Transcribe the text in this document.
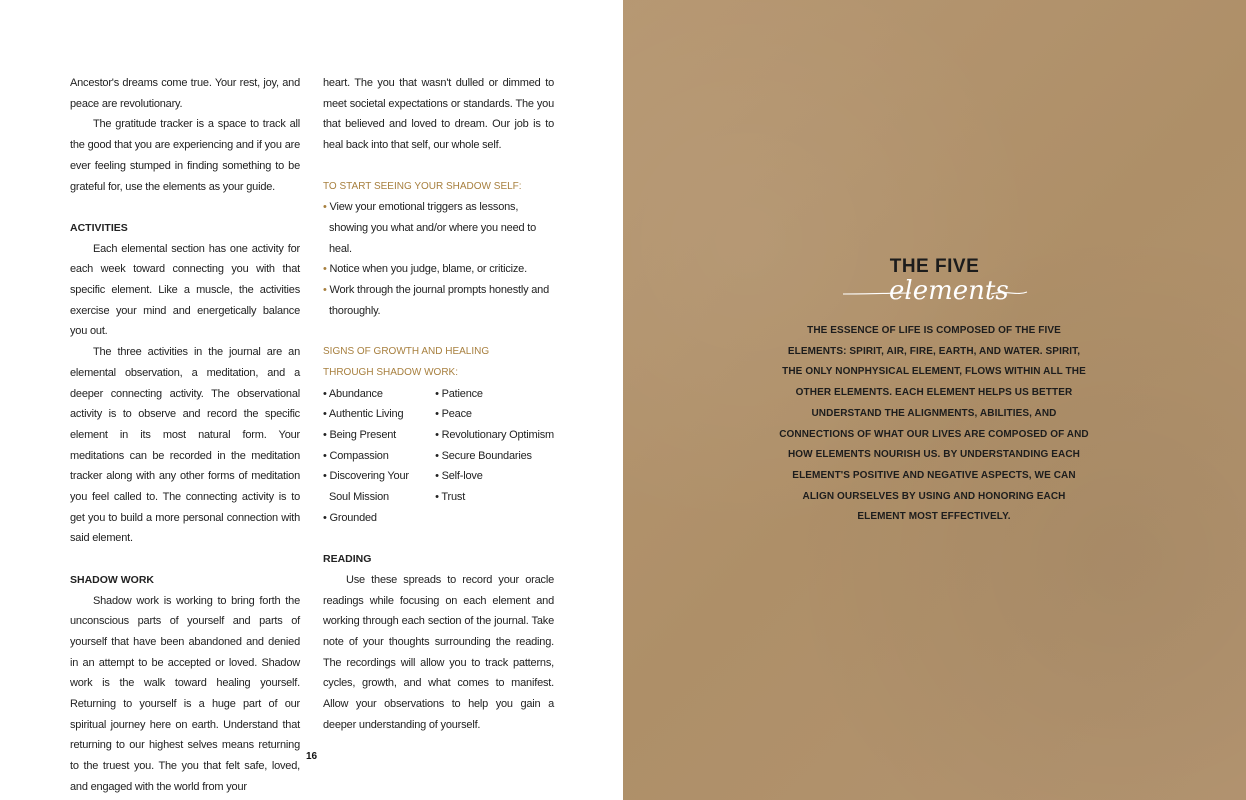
Ancestor's dreams come true. Your rest, joy, and peace are revolutionary.

The gratitude tracker is a space to track all the good that you are experiencing and if you are ever feeling stumped in finding something to be grateful for, use the elements as your guide.

ACTIVITIES

Each elemental section has one activity for each week toward connecting you with that specific element. Like a muscle, the activities exercise your mind and energetically balance you out.

The three activities in the journal are an elemental observation, a meditation, and a deeper connecting activity. The observational activity is to observe and record the specific element in its most natural form. Your meditations can be recorded in the meditation tracker along with any other forms of meditation you feel called to. The connecting activity is to get you to build a more personal connection with said element.

SHADOW WORK

Shadow work is working to bring forth the unconscious parts of yourself and parts of yourself that have been abandoned and denied in an attempt to be accepted or loved. Shadow work is the walk toward healing yourself. Returning to yourself is a huge part of our spiritual journey here on earth. Understand that returning to our highest selves means returning to the truest you. The you that felt safe, loved, and engaged with the world from your

heart. The you that wasn't dulled or dimmed to meet societal expectations or standards. The you that believed and loved to dream. Our job is to heal back into that self, our whole self.

TO START SEEING YOUR SHADOW SELF:
• View your emotional triggers as lessons, showing you what and/or where you need to heal.
• Notice when you judge, blame, or criticize.
• Work through the journal prompts honestly and thoroughly.
SIGNS OF GROWTH AND HEALING
THROUGH SHADOW WORK:
• Abundance
• Authentic Living
• Being Present
• Compassion
• Discovering Your
Soul Mission
• Grounded
• Patience
• Peace
• Revolutionary Optimism
• Secure Boundaries
• Self-love
• Trust
READING

Use these spreads to record your oracle readings while focusing on each element and working through each section of the journal. Take note of your thoughts surrounding the reading. The recordings will allow you to track patterns, cycles, growth, and what comes to manifest. Allow your observations to help you gain a deeper understanding of yourself.

16
THE FIVE
elements
THE ESSENCE OF LIFE IS COMPOSED OF THE FIVE ELEMENTS: SPIRIT, AIR, FIRE, EARTH, AND WATER. SPIRIT, THE ONLY NONPHYSICAL ELEMENT, FLOWS WITHIN ALL THE OTHER ELEMENTS. EACH ELEMENT HELPS US BETTER UNDERSTAND THE ALIGNMENTS, ABILITIES, AND CONNECTIONS OF WHAT OUR LIVES ARE COMPOSED OF AND HOW ELEMENTS NOURISH US. BY UNDERSTANDING EACH ELEMENT'S POSITIVE AND NEGATIVE ASPECTS, WE CAN ALIGN OURSELVES BY USING AND HONORING EACH ELEMENT MOST EFFECTIVELY.
